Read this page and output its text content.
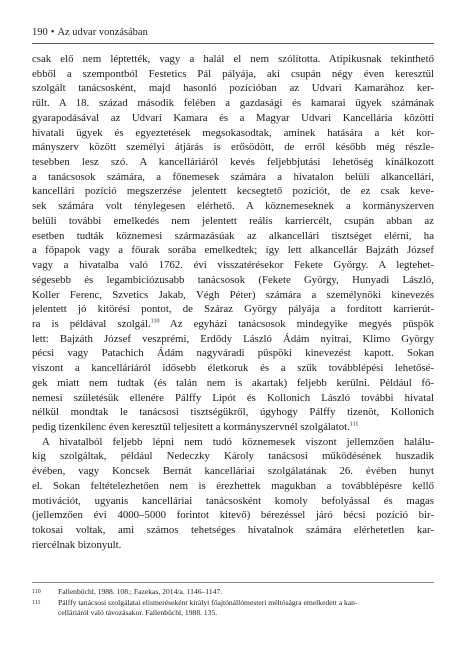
190 • Az udvar vonzásában
csak elő nem léptették, vagy a halál el nem szólította. Atipikusnak tekinthető
ebből a szempontból Festetics Pál pályája, aki csupán négy éven keresztül
szolgált tanácsosként, majd hasonló pozícióban az Udvari Kamarához ker-
rült. A 18. század második felében a gazdasági és kamarai ügyek számának
gyarapodásával az Udvari Kamara és a Magyar Udvari Kancellária közötti
hivatali ügyek és egyeztetések megsokasodtak, aminek hatására a két kor-
mányszerv között személyi átjárás is erősödött, de erről később még részle-
tesebben lesz szó. A kancelláriáról kevés feljebbjutási lehetőség kínálkozott
a tanácsosok számára, a főnemesek számára a hivatalon belüli alkancellári,
kancellári pozíció megszerzése jelentett kecsegtető pozíciót, de ez csak keve-
sek számára volt ténylegesen elérhető. A köznemeseknek a kormányszerven
belüli további emelkedés nem jelentett reális karriercélt, csupán abban az
esetben tudták köznemesi származásúak az alkancellári tisztséget elérni, ha
a főpapok vagy a főurak sorába emelkedtek; így lett alkancellár Bajzáth József
vagy a hivatalba való 1762. évi visszatérésekor Fekete György. A legtehet-
ségesebb és legambiciózusabb tanácsosok (Fekete György, Hunyadi László,
Koller Ferenc, Szvetics Jakab, Végh Péter) számára a személynöki kinevezés
jelentett jó kitörési pontot, de Száraz György pályája a fordított karrierút-
ra is példával szolgál.$^{110}$ Az egyházi tanácsosok mindegyike megyés püspök
lett: Bajzáth József veszprémi, Erdődy László Ádám nyitrai, Klimo György
pécsi vagy Patachich Ádám nagyváradi püspöki kinevezést kapott. Sokan
viszont a kancelláriáról idősebb életkoruk és a szűk továbblépési lehetősé-
gek miatt nem tudtak (és talán nem is akartak) feljebb kerülni. Például fő-
nemesi születésük ellenére Pálffy Lipót és Kollonich László további hivatal
nélkül mondtak le tanácsosi tisztségükről, úgyhogy Pálffy tizenöt, Kollonich
pedig tizenkilenc éven keresztül teljesített a kormányszervnél szolgálatot.$^{111}$
A hivatalból feljebb lépni nem tudó köznemesek viszont jellemzően halálu-
kig szolgáltak, például Nedeczky Károly tanácsosi működésének huszadik
évében, vagy Koncsek Bernát kancelláriai szolgálatának 26. évében hunyt
el. Sokan feltételezhetően nem is érezhettek magukban a továbblépésre kellő
motivációt, ugyanis kancelláriai tanácsosként komoly befolyással és magas
(jellemzően évi 4000–5000 forintot kitevő) bérezéssel járó bécsi pozíció bir-
tokosai voltak, ami számos tehetséges hivatalnok számára elérhetetlen kar-
riercélnak bizonyult.
110 Fallenbüchl, 1988. 108.; Fazekas, 2014/a. 1146–1147.
111 Pálffy tanácsosi szolgálatai elismeréseként királyi főajtónállómesteri méltóságra emelkedett a kan-
celláriáról való távozásakor. Fallenbüchl, 1988. 135.
